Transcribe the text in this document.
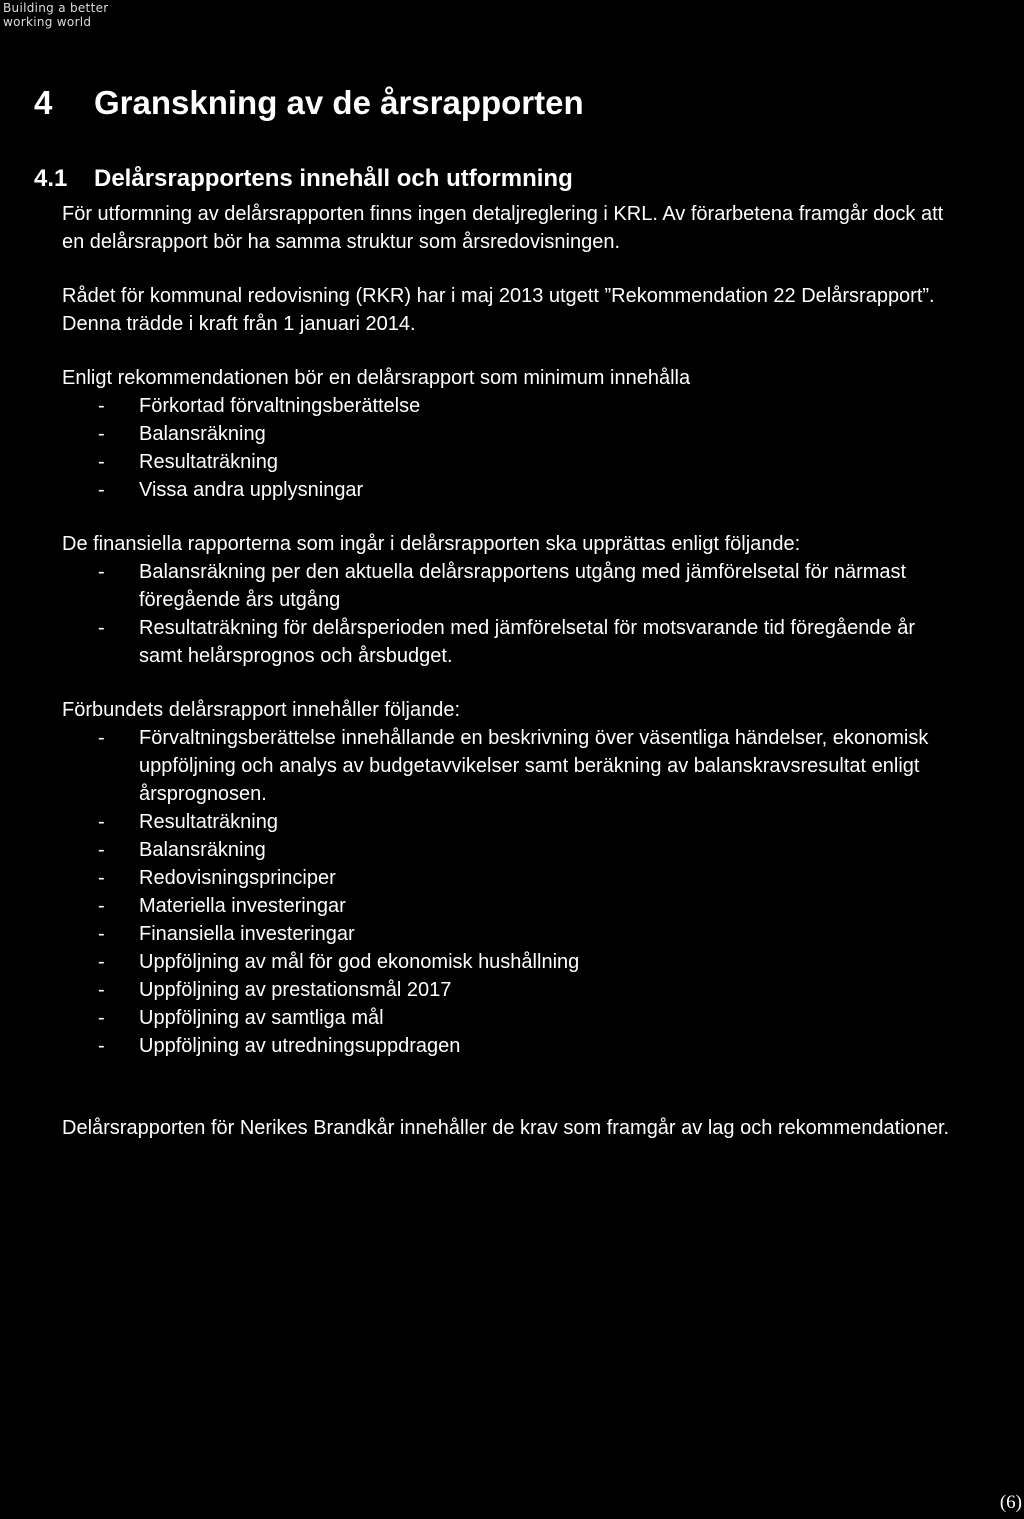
Building a better
working world
4 Granskning av de årsrapporten
4.1 Delårsrapportens innehåll och utformning

För utformning av delårsrapporten finns ingen detaljreglering i KRL. Av förarbetena framgår dock att en delårsrapport bör ha samma struktur som årsredovisningen.

Rådet för kommunal redovisning (RKR) har i maj 2013 utgett ”Rekommendation 22 Delårsrapport”. Denna trädde i kraft från 1 januari 2014.

Enligt rekommendationen bör en delårsrapport som minimum innehålla

- Förkortad förvaltningsberättelse
- Balansräkning
- Resultaträkning
- Vissa andra upplysningar

De finansiella rapporterna som ingår i delårsrapporten ska upprättas enligt följande:

- Balansräkning per den aktuella delårsrapportens utgång med jämförelsetal för närmast föregående års utgång
- Resultaträkning för delårsperioden med jämförelsetal för motsvarande tid föregående år samt helårsprognos och årsbudget.

Förbundets delårsrapport innehåller följande:

- Förvaltningsberättelse innehållande en beskrivning över väsentliga händelser, ekonomisk uppföljning och analys av budgetavvikelser samt beräkning av balanskravsresultat enligt årsprognosen.
- Resultaträkning
- Balansräkning
- Redovisningsprinciper
- Materiella investeringar
- Finansiella investeringar
- Uppföljning av mål för god ekonomisk hushållning
- Uppföljning av prestationsmål 2017
- Uppföljning av samtliga mål
- Uppföljning av utredningsuppdragen

Delårsrapporten för Nerikes Brandkår innehåller de krav som framgår av lag och rekommendationer.

(6)
